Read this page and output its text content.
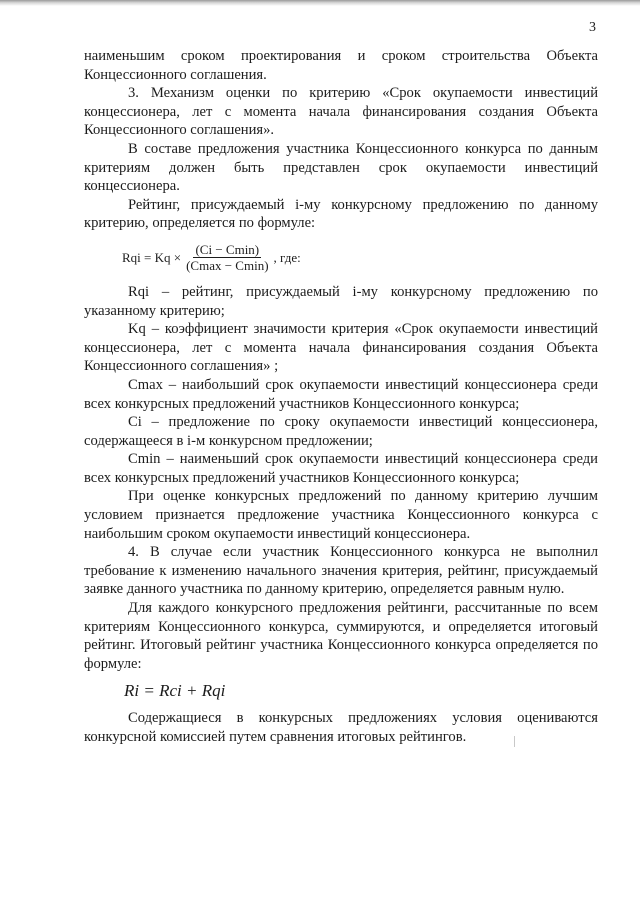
3

наименьшим сроком проектирования и сроком строительства Объекта Концессионного соглашения.

3. Механизм оценки по критерию «Срок окупаемости инвестиций концессионера, лет с момента начала финансирования создания Объекта Концессионного соглашения».

В составе предложения участника Концессионного конкурса по данным критериям должен быть представлен срок окупаемости инвестиций концессионера.

Рейтинг, присуждаемый i-му конкурсному предложению по данному критерию, определяется по формуле:

Rqi = $Kq \times \frac{(Ci - Cmin)}{(Cmax - Cmin)}$ , где:

Rqi – рейтинг, присуждаемый i-му конкурсному предложению по указанному критерию;

Kq – коэффициент значимости критерия «Срок окупаемости инвестиций концессионера, лет с момента начала финансирования создания Объекта Концессионного соглашения» ;

Cmax – наибольший срок окупаемости инвестиций концессионера среди всех конкурсных предложений участников Концессионного конкурса;

Ci – предложение по сроку окупаемости инвестиций концессионера, содержащееся в i-м конкурсном предложении;

Cmin – наименьший срок окупаемости инвестиций концессионера среди всех конкурсных предложений участников Концессионного конкурса;

При оценке конкурсных предложений по данному критерию лучшим условием признается предложение участника Концессионного конкурса с наибольшим сроком окупаемости инвестиций концессионера.

4. В случае если участник Концессионного конкурса не выполнил требование к изменению начального значения критерия, рейтинг, присуждаемый заявке данного участника по данному критерию, определяется равным нулю.

Для каждого конкурсного предложения рейтинги, рассчитанные по всем критериям Концессионного конкурса, суммируются, и определяется итоговый рейтинг. Итоговый рейтинг участника Концессионного конкурса определяется по формуле:

Ri = Rci + Rqi

Содержащиеся в конкурсных предложениях условия оцениваются конкурсной комиссией путем сравнения итоговых рейтингов.
